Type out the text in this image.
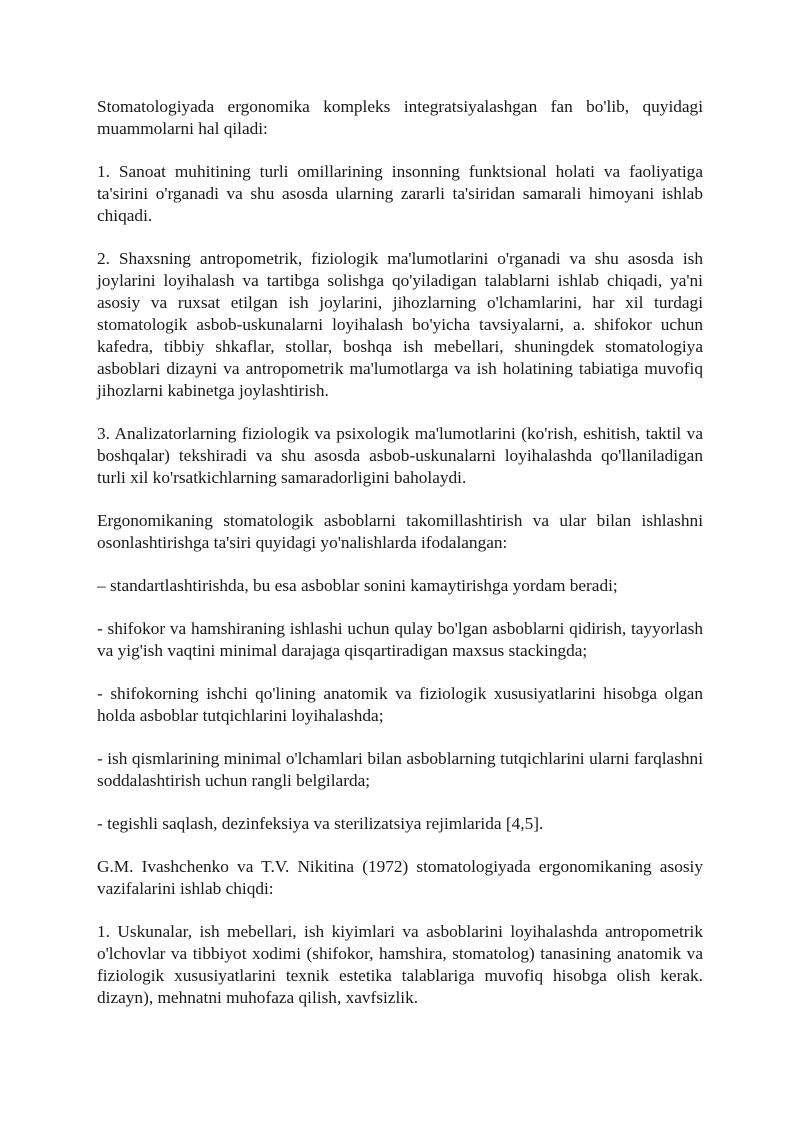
Stomatologiyada ergonomika kompleks integratsiyalashgan fan bo'lib, quyidagi muammolarni hal qiladi:

1. Sanoat muhitining turli omillarining insonning funktsional holati va faoliyatiga ta'sirini o'rganadi va shu asosda ularning zararli ta'siridan samarali himoyani ishlab chiqadi.

2. Shaxsning antropometrik, fiziologik ma'lumotlarini o'rganadi va shu asosda ish joylarini loyihalash va tartibga solishga qo'yiladigan talablarni ishlab chiqadi, ya'ni asosiy va ruxsat etilgan ish joylarini, jihozlarning o'lchamlarini, har xil turdagi stomatologik asbob-uskunalarni loyihalash bo'yicha tavsiyalarni, a. shifokor uchun kafedra, tibbiy shkaflar, stollar, boshqa ish mebellari, shuningdek stomatologiya asboblari dizayni va antropometrik ma'lumotlarga va ish holatining tabiatiga muvofiq jihozlarni kabinetga joylashtirish.

3. Analizatorlarning fiziologik va psixologik ma'lumotlarini (ko'rish, eshitish, taktil va boshqalar) tekshiradi va shu asosda asbob-uskunalarni loyihalashda qo'llaniladigan turli xil ko'rsatkichlarning samaradorligini baholaydi.

Ergonomikaning stomatologik asboblarni takomillashtirish va ular bilan ishlashni osonlashtirishga ta'siri quyidagi yo'nalishlarda ifodalangan:

– standartlashtirishda, bu esa asboblar sonini kamaytirishga yordam beradi;

- shifokor va hamshiraning ishlashi uchun qulay bo'lgan asboblarni qidirish, tayyorlash va yig'ish vaqtini minimal darajaga qisqartiradigan maxsus stackingda;

- shifokorning ishchi qo'lining anatomik va fiziologik xususiyatlarini hisobga olgan holda asboblar tutqichlarini loyihalashda;

- ish qismlarining minimal o'lchamlari bilan asboblarning tutqichlarini ularni farqlashni soddalashtirish uchun rangli belgilarda;

- tegishli saqlash, dezinfeksiya va sterilizatsiya rejimlarida [4,5].

G.M. Ivashchenko va T.V. Nikitina (1972) stomatologiyada ergonomikaning asosiy vazifalarini ishlab chiqdi:

1. Uskunalar, ish mebellari, ish kiyimlari va asboblarini loyihalashda antropometrik o'lchovlar va tibbiyot xodimi (shifokor, hamshira, stomatolog) tanasining anatomik va fiziologik xususiyatlarini texnik estetika talablariga muvofiq hisobga olish kerak. dizayn), mehnatni muhofaza qilish, xavfsizlik.
